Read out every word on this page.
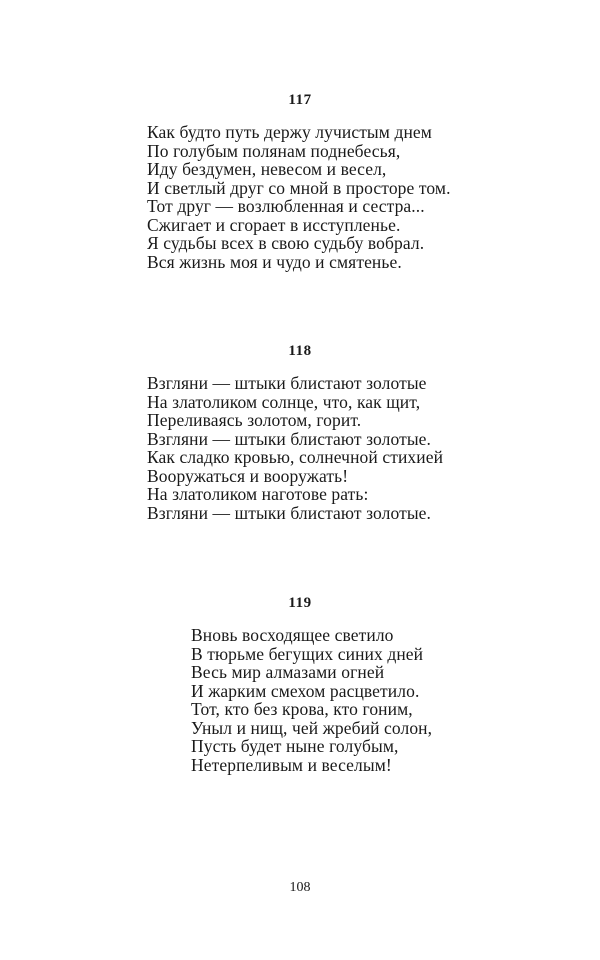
117
Как будто путь держу лучистым днем
По голубым полянам поднебесья,
Иду бездумен, невесом и весел,
И светлый друг со мной в просторе том.
Тот друг — возлюбленная и сестра...
Сжигает и сгорает в исступленье.
Я судьбы всех в свою судьбу вобрал.
Вся жизнь моя и чудо и смятенье.
118
Взгляни — штыки блистают золотые
На златоликом солнце, что, как щит,
Переливаясь золотом, горит.
Взгляни — штыки блистают золотые.
Как сладко кровью, солнечной стихией
Вооружаться и вооружать!
На златоликом наготове рать:
Взгляни — штыки блистают золотые.
119
Вновь восходящее светило
В тюрьме бегущих синих дней
Весь мир алмазами огней
И жарким смехом расцветило.
Тот, кто без крова, кто гоним,
Уныл и нищ, чей жребий солон,
Пусть будет ныне голубым,
Нетерпеливым и веселым!
108
